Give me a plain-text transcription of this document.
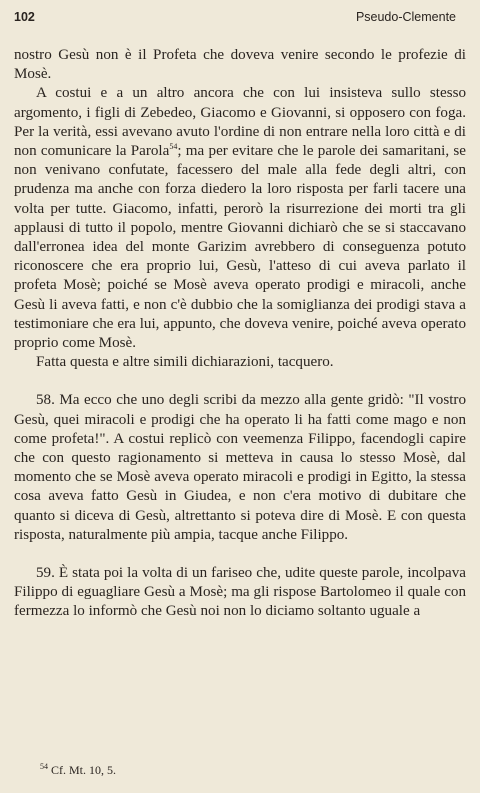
102	Pseudo-Clemente

nostro Gesù non è il Profeta che doveva venire secondo le profezie di Mosè.

A costui e a un altro ancora che con lui insisteva sullo stesso argomento, i figli di Zebedeo, Giacomo e Giovanni, si opposero con foga. Per la verità, essi avevano avuto l'ordine di non entrare nella loro città e di non comunicare la Parola$^{54}$; ma per evitare che le parole dei samaritani, se non venivano confutate, facessero del male alla fede degli altri, con prudenza ma anche con forza diedero la loro risposta per farli tacere una volta per tutte. Giacomo, infatti, perorò la risurrezione dei morti tra gli applausi di tutto il popolo, mentre Giovanni dichiarò che se si staccavano dall'erronea idea del monte Garizim avrebbero di conseguenza potuto riconoscere che era proprio lui, Gesù, l'atteso di cui aveva parlato il profeta Mosè; poiché se Mosè aveva operato prodigi e miracoli, anche Gesù li aveva fatti, e non c'è dubbio che la somiglianza dei prodigi stava a testimoniare che era lui, appunto, che doveva venire, poiché aveva operato proprio come Mosè.

Fatta questa e altre simili dichiarazioni, tacquero.

58. Ma ecco che uno degli scribi da mezzo alla gente gridò: "Il vostro Gesù, quei miracoli e prodigi che ha operato li ha fatti come mago e non come profeta!". A costui replicò con veemenza Filippo, facendogli capire che con questo ragionamento si metteva in causa lo stesso Mosè, dal momento che se Mosè aveva operato miracoli e prodigi in Egitto, la stessa cosa aveva fatto Gesù in Giudea, e non c'era motivo di dubitare che quanto si diceva di Gesù, altrettanto si poteva dire di Mosè. E con questa risposta, naturalmente più ampia, tacque anche Filippo.

59. È stata poi la volta di un fariseo che, udite queste parole, incolpava Filippo di eguagliare Gesù a Mosè; ma gli rispose Bartolomeo il quale con fermezza lo informò che Gesù noi non lo diciamo soltanto uguale a

$^{54}$ Cf. Mt. 10, 5.
